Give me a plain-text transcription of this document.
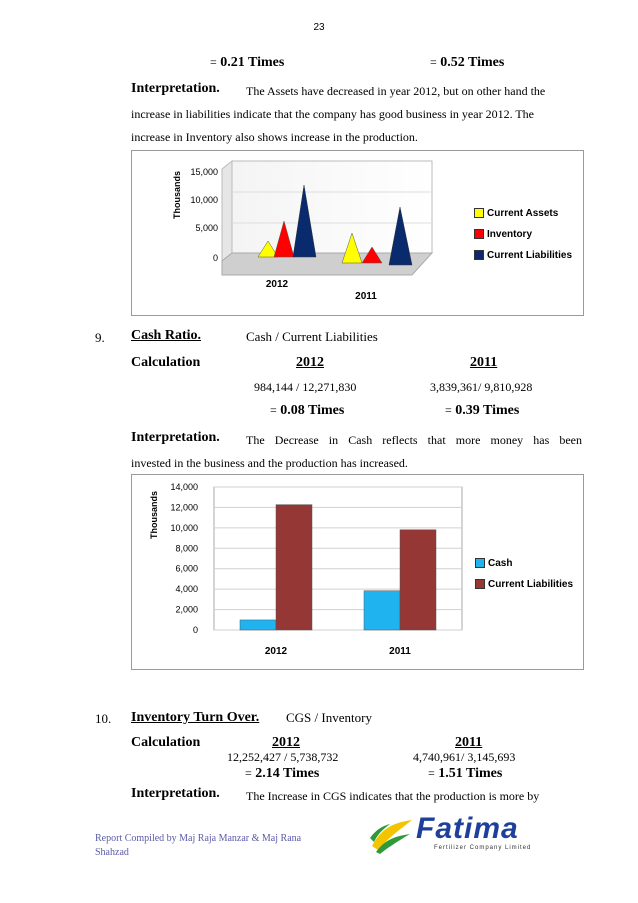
23
= 0.21 Times	= 0.52 Times
Interpretation. The Assets have decreased in year 2012, but on other hand the
increase in liabilities indicate that the company has good business in year 2012. The
increase in Inventory also shows increase in the production.
15,000
10,000
5,000
0
Thousands
2012
2011
Current Assets
Inventory
Current Liabilities
9. Cash Ratio.	Cash / Current Liabilities
Calculation	2012	2011
984,144 / 12,271,830	3,839,361/ 9,810,928
= 0.08 Times	= 0.39 Times
Interpretation. The Decrease in Cash reflects that more money has been
invested in the business and the production has increased.
Thousands
0
2,000
4,000
6,000
8,000
10,000
12,000
14,000
2012	2011
Cash
Current Liabilities
10. Inventory Turn Over. CGS / Inventory
Calculation	2012	2011
12,252,427 / 5,738,732	4,740,961/ 3,145,693
= 2.14 Times	= 1.51 Times
Interpretation. The Increase in CGS indicates that the production is more by
Report Compiled by Maj Raja Manzar & Maj Rana
Shahzad
Fatima
Fertilizer Company Limited
